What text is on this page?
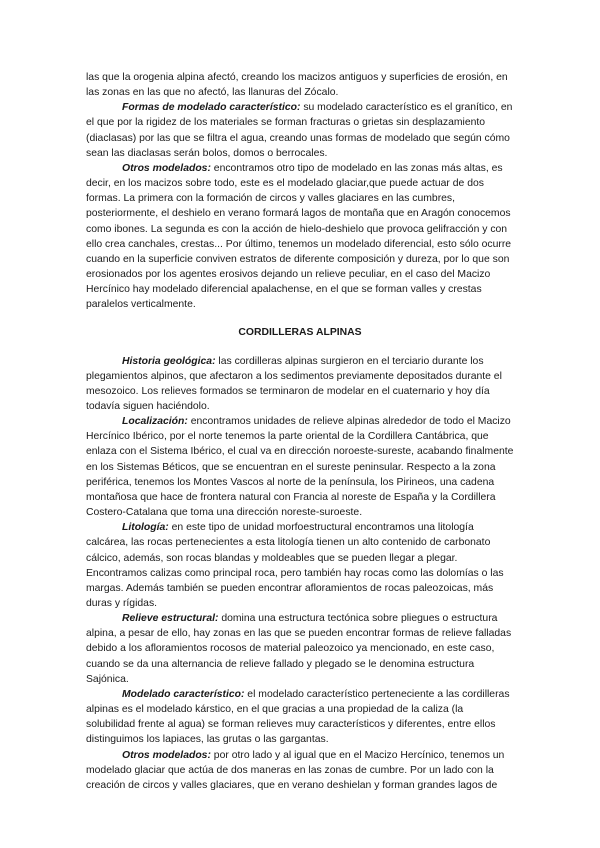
las que la orogenia alpina afectó, creando los macizos antiguos y superficies de erosión, en las zonas en las que no afectó, las llanuras del Zócalo.

Formas de modelado característico: su modelado característico es el granítico, en el que por la rigidez de los materiales se forman fracturas o grietas sin desplazamiento (diaclasas) por las que se filtra el agua, creando unas formas de modelado que según cómo sean las diaclasas serán bolos, domos o berrocales.

Otros modelados: encontramos otro tipo de modelado en las zonas más altas, es decir, en los macizos sobre todo, este es el modelado glaciar,que puede actuar de dos formas. La primera con la formación de circos y valles glaciares en las cumbres, posteriormente, el deshielo en verano formará lagos de montaña que en Aragón conocemos como ibones. La segunda es con la acción de hielo-deshielo que provoca gelifracción y con ello crea canchales, crestas... Por último, tenemos un modelado diferencial, esto sólo ocurre cuando en la superficie conviven estratos de diferente composición y dureza, por lo que son erosionados por los agentes erosivos dejando un relieve peculiar, en el caso del Macizo Hercínico hay modelado diferencial apalachense, en el que se forman valles y crestas paralelos verticalmente.

CORDILLERAS ALPINAS

Historia geológica: las cordilleras alpinas surgieron en el terciario durante los plegamientos alpinos, que afectaron a los sedimentos previamente depositados durante el mesozoico. Los relieves formados se terminaron de modelar en el cuaternario y hoy día todavía siguen haciéndolo.

Localización: encontramos unidades de relieve alpinas alrededor de todo el Macizo Hercínico Ibérico, por el norte tenemos la parte oriental de la Cordillera Cantábrica, que enlaza con el Sistema Ibérico, el cual va en dirección noroeste-sureste, acabando finalmente en los Sistemas Béticos, que se encuentran en el sureste peninsular. Respecto a la zona periférica, tenemos los Montes Vascos al norte de la península, los Pirineos, una cadena montañosa que hace de frontera natural con Francia al noreste de España y la Cordillera Costero-Catalana que toma una dirección noreste-suroeste.

Litología: en este tipo de unidad morfoestructural encontramos una litología calcárea, las rocas pertenecientes a esta litología tienen un alto contenido de carbonato cálcico, además, son rocas blandas y moldeables que se pueden llegar a plegar. Encontramos calizas como principal roca, pero también hay rocas como las dolomías o las margas. Además también se pueden encontrar afloramientos de rocas paleozoicas, más duras y rígidas.

Relieve estructural: domina una estructura tectónica sobre pliegues o estructura alpina, a pesar de ello, hay zonas en las que se pueden encontrar formas de relieve falladas debido a los afloramientos rocosos de material paleozoico ya mencionado, en este caso, cuando se da una alternancia de relieve fallado y plegado se le denomina estructura Sajónica.

Modelado característico: el modelado característico perteneciente a las cordilleras alpinas es el modelado kárstico, en el que gracias a una propiedad de la caliza (la solubilidad frente al agua) se forman relieves muy característicos y diferentes, entre ellos distinguimos los lapiaces, las grutas o las gargantas.

Otros modelados: por otro lado y al igual que en el Macizo Hercínico, tenemos un modelado glaciar que actúa de dos maneras en las zonas de cumbre. Por un lado con la creación de circos y valles glaciares, que en verano deshielan y forman grandes lagos de
